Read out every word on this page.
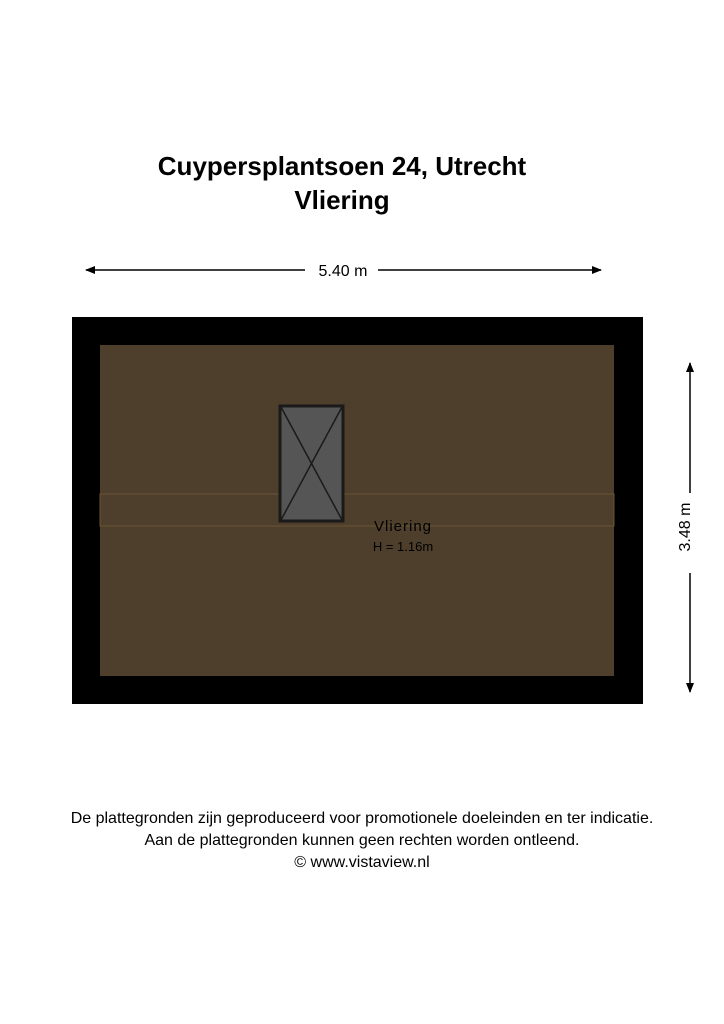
Cuypersplantsoen 24, Utrecht
Vliering
5.40 m
3.48 m
Vliering
H = 1.16m
De plattegronden zijn geproduceerd voor promotionele doeleinden en ter indicatie.
Aan de plattegronden kunnen geen rechten worden ontleend.
© www.vistaview.nl
